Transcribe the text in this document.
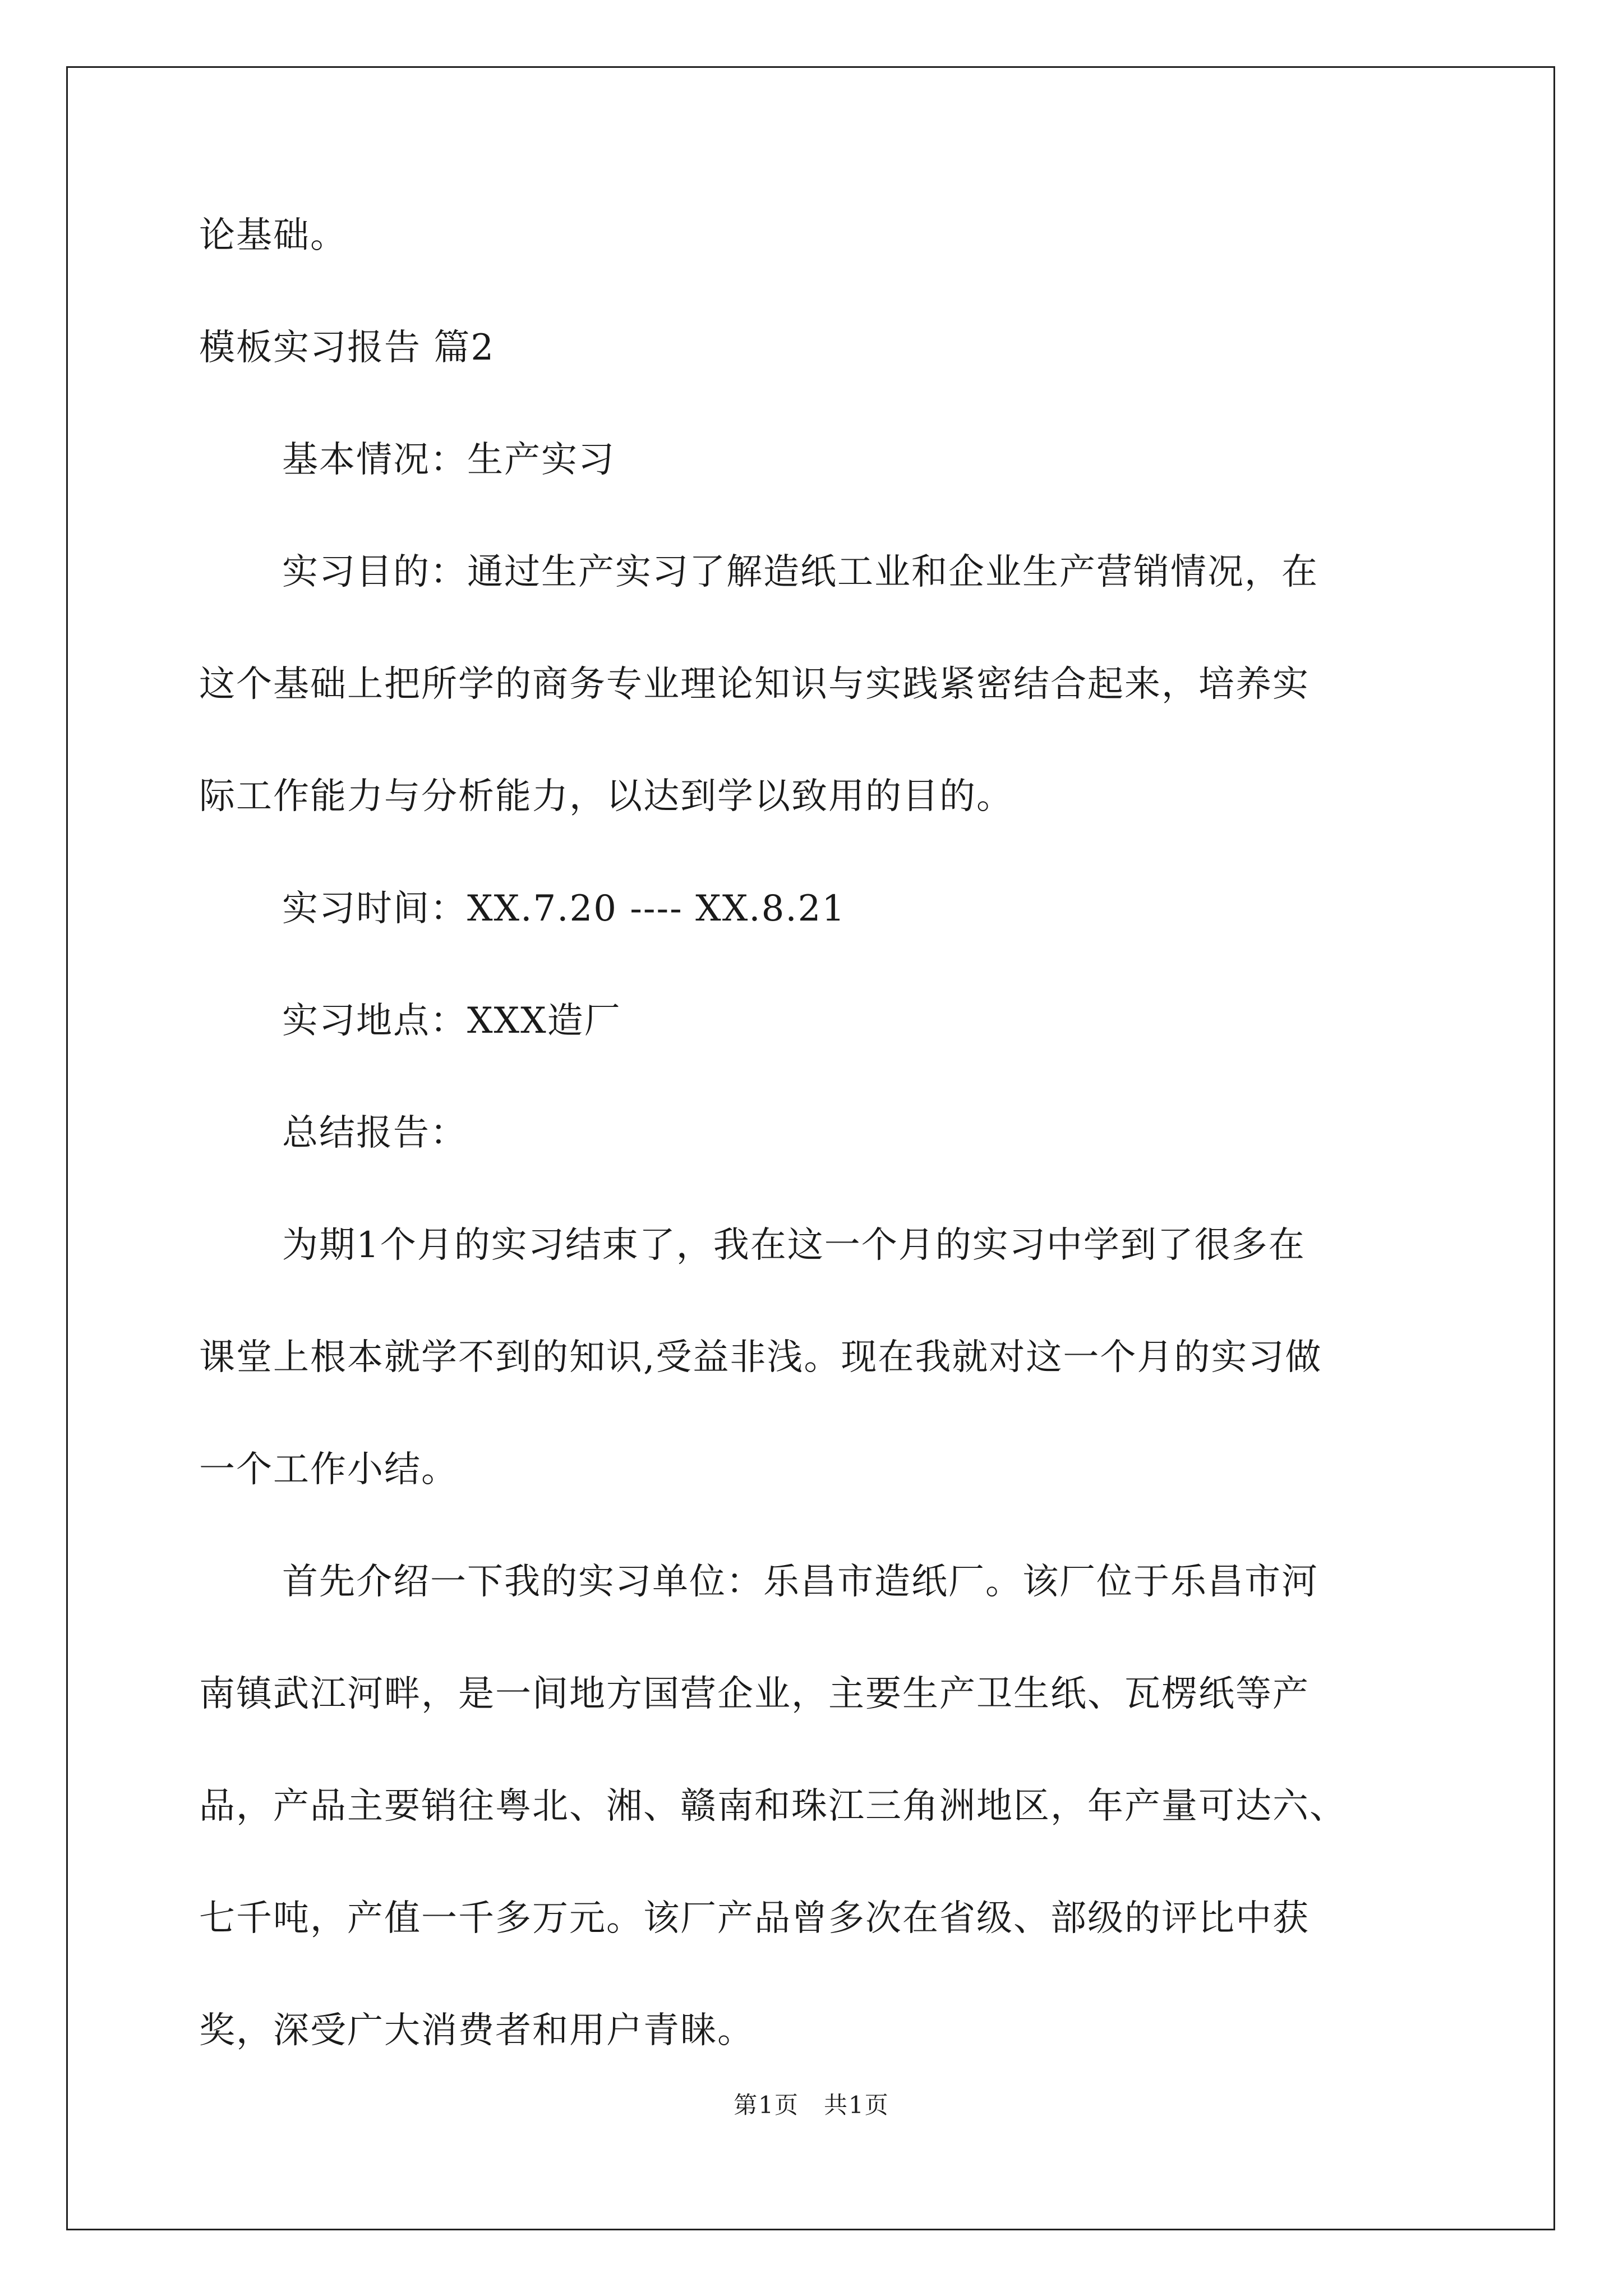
论基础。
模板实习报告 篇2
基本情况：生产实习
实习目的：通过生产实习了解造纸工业和企业生产营销情况，在
这个基础上把所学的商务专业理论知识与实践紧密结合起来，培养实
际工作能力与分析能力，以达到学以致用的目的。
实习时间：XX.7.20 ---- XX.8.21
实习地点：XXX造厂
总结报告：
为期1个月的实习结束了，我在这一个月的实习中学到了很多在
课堂上根本就学不到的知识,受益非浅。现在我就对这一个月的实习做
一个工作小结。
首先介绍一下我的实习单位：乐昌市造纸厂。该厂位于乐昌市河
南镇武江河畔，是一间地方国营企业，主要生产卫生纸、瓦楞纸等产
品，产品主要销往粤北、湘、赣南和珠江三角洲地区，年产量可达六、
七千吨，产值一千多万元。该厂产品曾多次在省级、部级的评比中获
奖，深受广大消费者和用户青睐。
第1页　共1页
